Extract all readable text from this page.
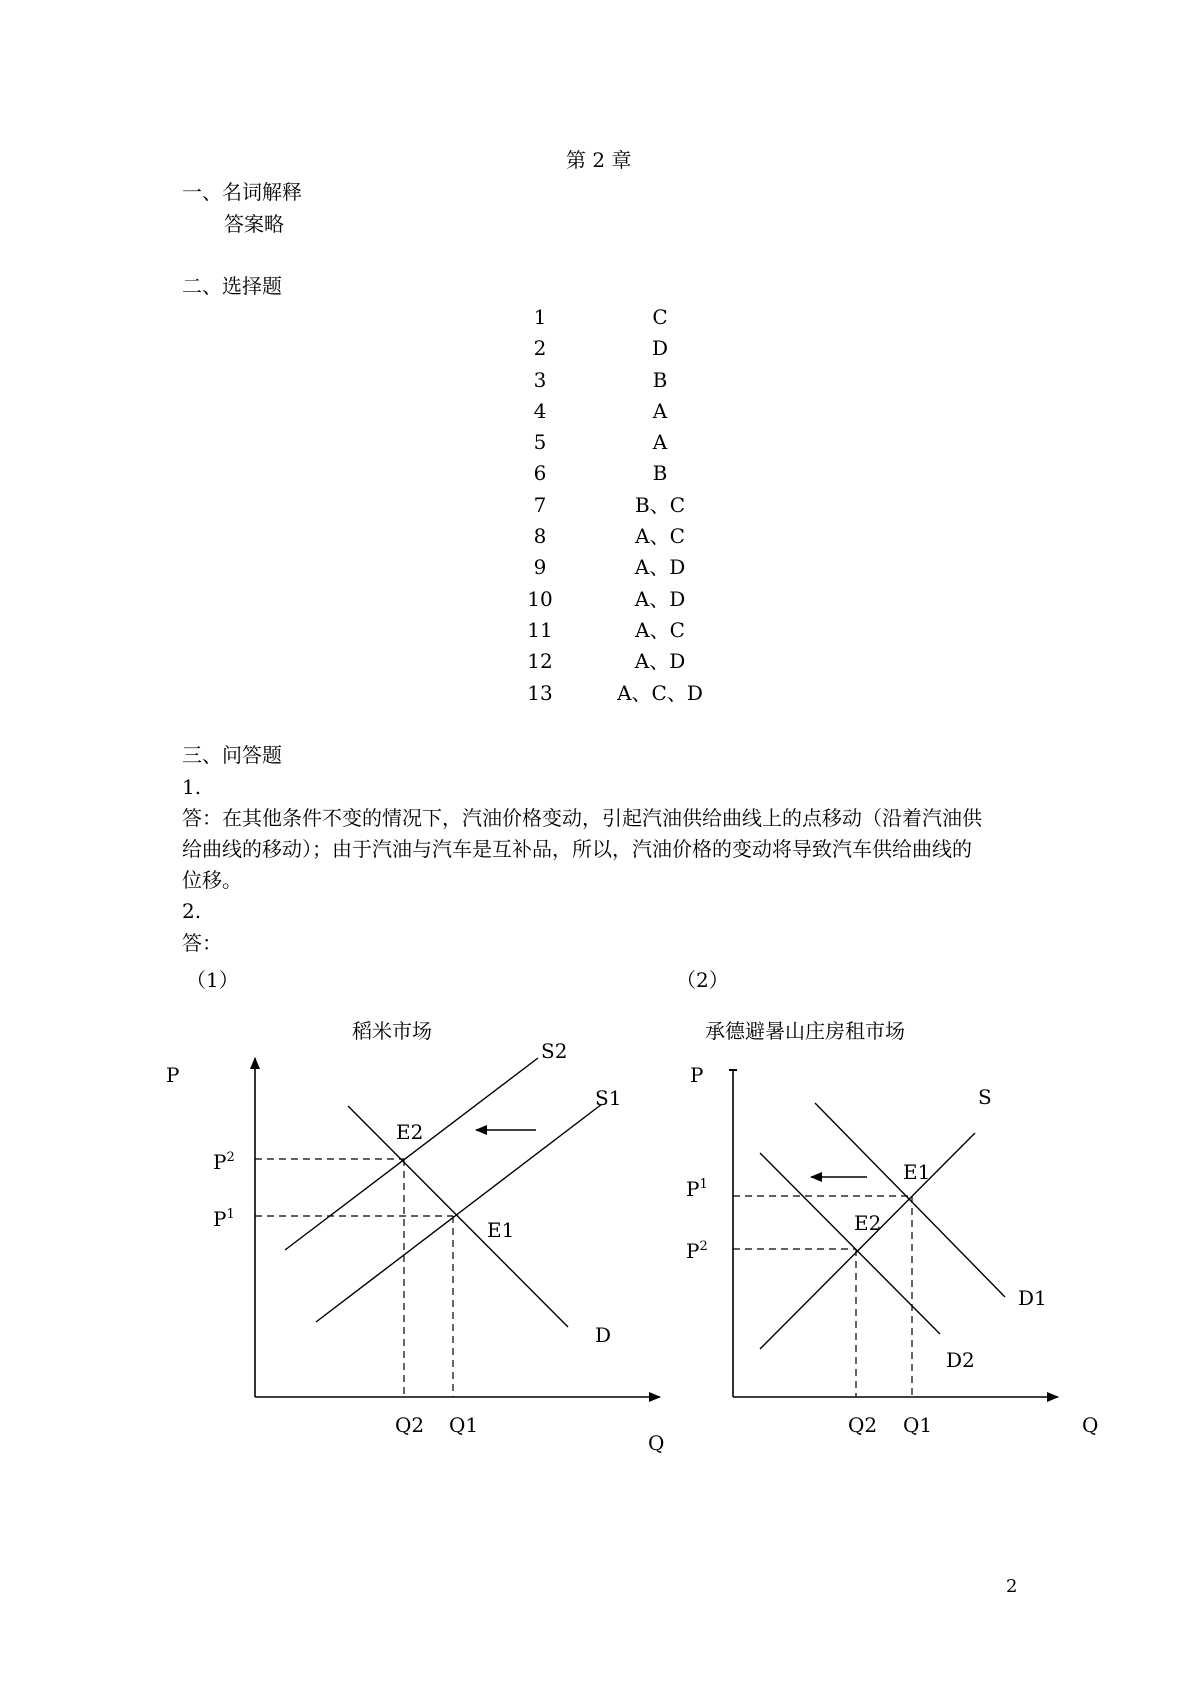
第 2 章
一、名词解释
答案略
二、选择题
1	C
2	D
3	B
4	A
5	A
6	B
7	B、C
8	A、C
9	A、D
10	A、D
11	A、C
12	A、D
13	A、C、D
三、问答题
1.
答：在其他条件不变的情况下，汽油价格变动，引起汽油供给曲线上的点移动（沿着汽油供
给曲线的移动）；由于汽油与汽车是互补品，所以，汽油价格的变动将导致汽车供给曲线的
位移。
2.
答：
（1）
稻米市场
P
Q
S2
S1
D
E2
E1
$P^2$
$P^1$
Q2 Q1
（2）
承德避暑山庄房租市场
P
Q
S
D1
D2
E1
E2
$P^1$
$P^2$
Q2 Q1
2
